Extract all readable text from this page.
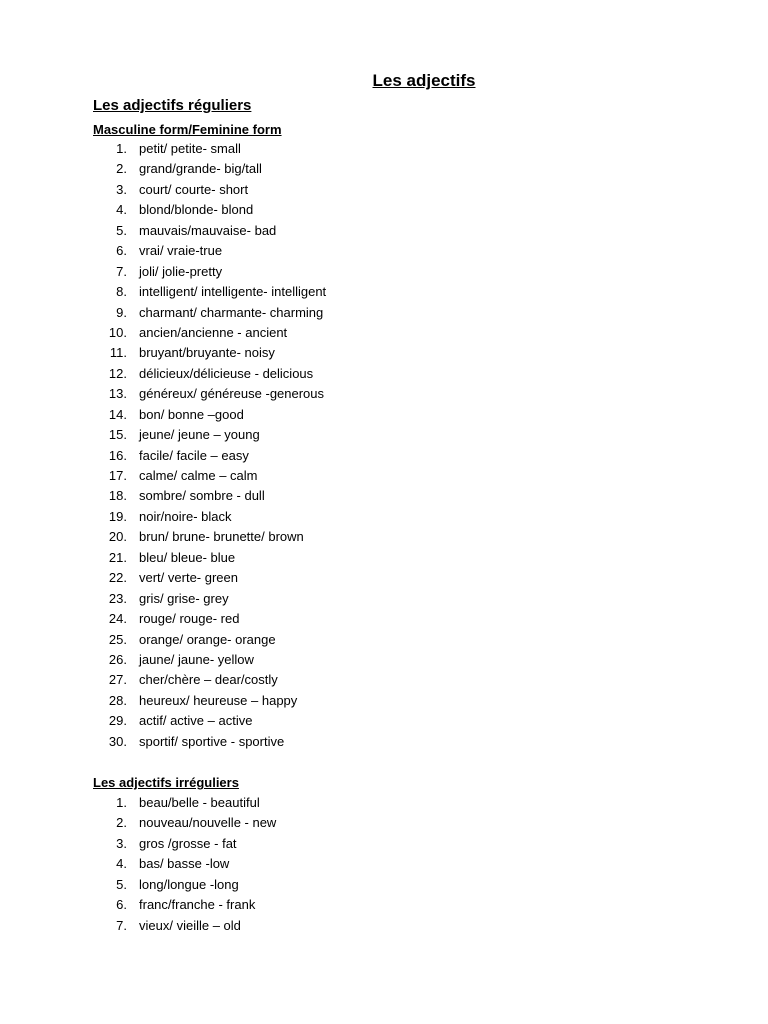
Les adjectifs
Les adjectifs réguliers
Masculine form/Feminine form
1. petit/ petite- small
2. grand/grande- big/tall
3. court/ courte- short
4. blond/blonde- blond
5. mauvais/mauvaise- bad
6. vrai/ vraie-true
7. joli/ jolie-pretty
8. intelligent/ intelligente- intelligent
9. charmant/ charmante- charming
10. ancien/ancienne - ancient
11. bruyant/bruyante- noisy
12. délicieux/délicieuse - delicious
13. généreux/ généreuse -generous
14. bon/ bonne –good
15. jeune/ jeune – young
16. facile/ facile – easy
17. calme/ calme – calm
18. sombre/ sombre - dull
19. noir/noire- black
20. brun/ brune- brunette/ brown
21. bleu/ bleue- blue
22. vert/ verte- green
23. gris/ grise- grey
24. rouge/ rouge- red
25. orange/ orange- orange
26. jaune/ jaune- yellow
27. cher/chère – dear/costly
28. heureux/ heureuse – happy
29. actif/ active – active
30. sportif/ sportive - sportive
Les adjectifs irréguliers
1. beau/belle - beautiful
2. nouveau/nouvelle - new
3. gros /grosse - fat
4. bas/ basse -low
5. long/longue -long
6. franc/franche - frank
7. vieux/ vieille – old
